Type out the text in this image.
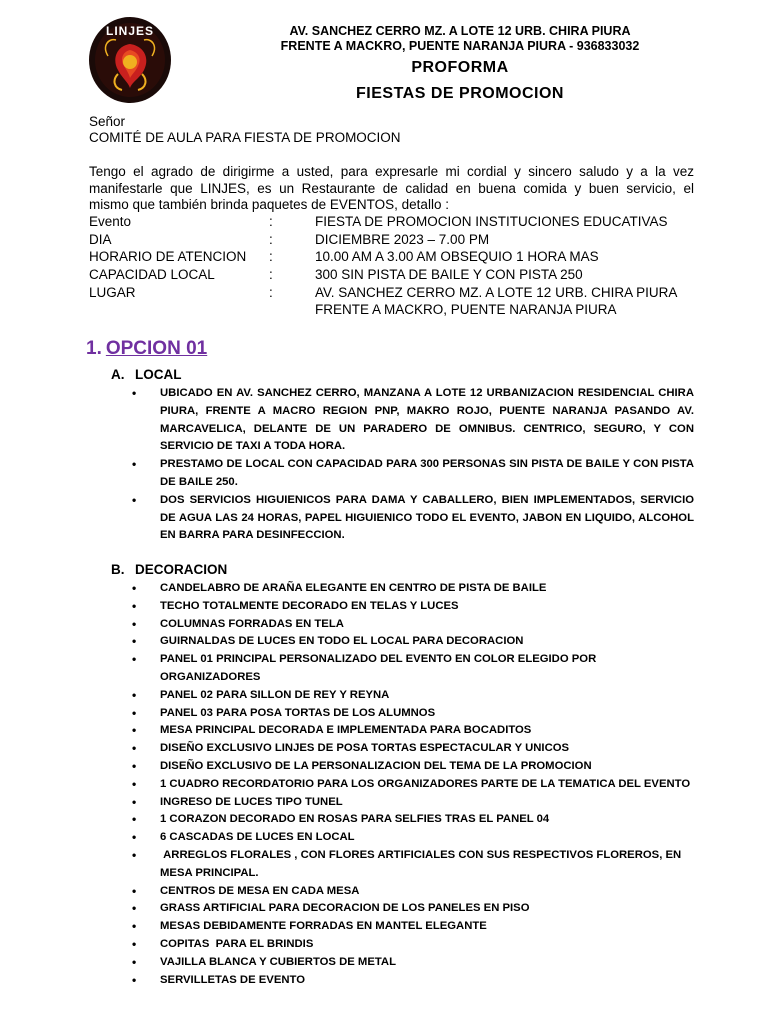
LINJES	AV. SANCHEZ CERRO MZ. A LOTE 12 URB. CHIRA PIURA
FRENTE A MACKRO, PUENTE NARANJA PIURA - 936833032
PROFORMA
FIESTAS DE PROMOCION
Señor
COMITÉ DE AULA PARA FIESTA DE PROMOCION
Tengo el agrado de dirigirme a usted, para expresarle mi cordial y sincero saludo y a la vez
manifestarle que LINJES, es un Restaurante de calidad en buena comida y buen servicio, el
mismo que también brinda paquetes de EVENTOS, detallo :
Evento	:	FIESTA DE PROMOCION INSTITUCIONES EDUCATIVAS
DIA	:	DICIEMBRE 2023 – 7.00 PM
HORARIO DE ATENCION :	10.00 AM A 3.00 AM OBSEQUIO 1 HORA MAS
CAPACIDAD LOCAL	:	300 SIN PISTA DE BAILE Y CON PISTA 250
LUGAR	:	AV. SANCHEZ CERRO MZ. A LOTE 12 URB. CHIRA PIURA
FRENTE A MACKRO, PUENTE NARANJA PIURA
1. OPCION 01
A. LOCAL
• UBICADO EN AV. SANCHEZ CERRO, MANZANA A LOTE 12 URBANIZACION RESIDENCIAL CHIRA PIURA, FRENTE A MACRO REGION PNP, MAKRO ROJO, PUENTE NARANJA PASANDO AV. MARCAVELICA, DELANTE DE UN PARADERO DE OMNIBUS. CENTRICO, SEGURO, Y CON SERVICIO DE TAXI A TODA HORA.
• PRESTAMO DE LOCAL CON CAPACIDAD PARA 300 PERSONAS SIN PISTA DE BAILE Y CON PISTA DE BAILE 250.
• DOS SERVICIOS HIGUIENICOS PARA DAMA Y CABALLERO, BIEN IMPLEMENTADOS, SERVICIO DE AGUA LAS 24 HORAS, PAPEL HIGUIENICO TODO EL EVENTO, JABON EN LIQUIDO, ALCOHOL EN BARRA PARA DESINFECCION.
B. DECORACION
• CANDELABRO DE ARAÑA ELEGANTE EN CENTRO DE PISTA DE BAILE
• TECHO TOTALMENTE DECORADO EN TELAS Y LUCES
• COLUMNAS FORRADAS EN TELA
• GUIRNALDAS DE LUCES EN TODO EL LOCAL PARA DECORACION
• PANEL 01 PRINCIPAL PERSONALIZADO DEL EVENTO EN COLOR ELEGIDO POR ORGANIZADORES
• PANEL 02 PARA SILLON DE REY Y REYNA
• PANEL 03 PARA POSA TORTAS DE LOS ALUMNOS
• MESA PRINCIPAL DECORADA E IMPLEMENTADA PARA BOCADITOS
• DISEÑO EXCLUSIVO LINJES DE POSA TORTAS ESPECTACULAR Y UNICOS
• DISEÑO EXCLUSIVO DE LA PERSONALIZACION DEL TEMA DE LA PROMOCION
• 1 CUADRO RECORDATORIO PARA LOS ORGANIZADORES PARTE DE LA TEMATICA DEL EVENTO
• INGRESO DE LUCES TIPO TUNEL
• 1 CORAZON DECORADO EN ROSAS PARA SELFIES TRAS EL PANEL 04
• 6 CASCADAS DE LUCES EN LOCAL
• ARREGLOS FLORALES , CON FLORES ARTIFICIALES CON SUS RESPECTIVOS FLOREROS, EN MESA PRINCIPAL.
• CENTROS DE MESA EN CADA MESA
• GRASS ARTIFICIAL PARA DECORACION DE LOS PANELES EN PISO
• MESAS DEBIDAMENTE FORRADAS EN MANTEL ELEGANTE
• COPITAS  PARA EL BRINDIS
• VAJILLA BLANCA Y CUBIERTOS DE METAL
• SERVILLETAS DE EVENTO
